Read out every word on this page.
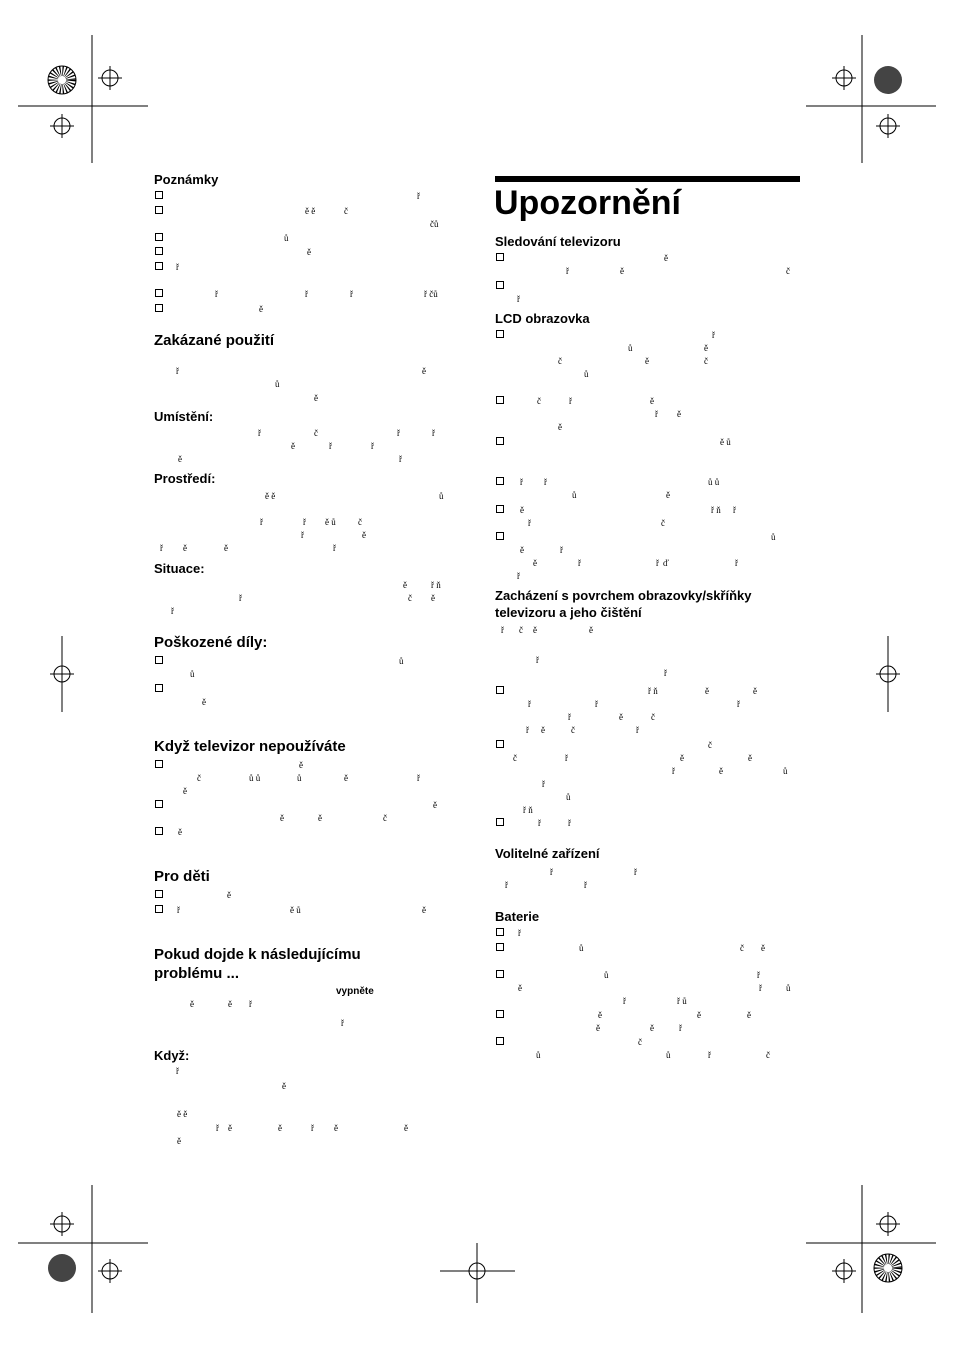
Poznámky
ř
ě ě	č
čů
ů
ě
ř
ř	ř	ř	ř čů
ě
Zakázané použití
ř	ě
ů
ě
Umístění:
ř	č	ř	ř
ě	ř	ř
ě	ř
Prostředí:
ě ě	ů
ř	ř ě ů č
ř	ě
ř ě	ě	ř
Situace:
ě	ř ň
ř	č ě
ř
Poškozené díly:
ů
ů
ě
Když televizor nepoužíváte
ě
č	ů ů	ů	ě	ř
ě
ě
ě	ě	č
ě
Pro děti
ě
ř	ě ů	ě
Pokud dojde k následujícímu
problému ...
vypněte
ě	ě ř
ř
Když:
ř
ě
ě ě
ř ě	ě	ř ě	ě
ě
Upozornění
Sledování televizoru
ě
ř	ě	č
ř
LCD obrazovka
ř
ů	ě
č	ě	č
ů
č	ř	ě
ř ě
ě
ě ů
ř ř	ů ů
ů	ě
ě	ř ň ř
ř	č
ů
ě	ř
ě	ř	ř ď	ř
ř
Zacházení s povrchem obrazovky/skříňky
televizoru a jeho čištění
ř č ě	ě
ř
ř
ř ň	ě	ě
ř	ř	ř
ř	ě	č
ř ě	č	ř
č
č	ř	ě	ě
ř	ě	ů
ř
ů
ř ň
ř	ř
Volitelné zařízení
ř	ř
ř	ř
Baterie
ř
ů	č ě
ů	ř
ě	ř	ů
ř	ř ů
ě	ě	ě
ě	ě	ř
č
ů	ů	ř	č
